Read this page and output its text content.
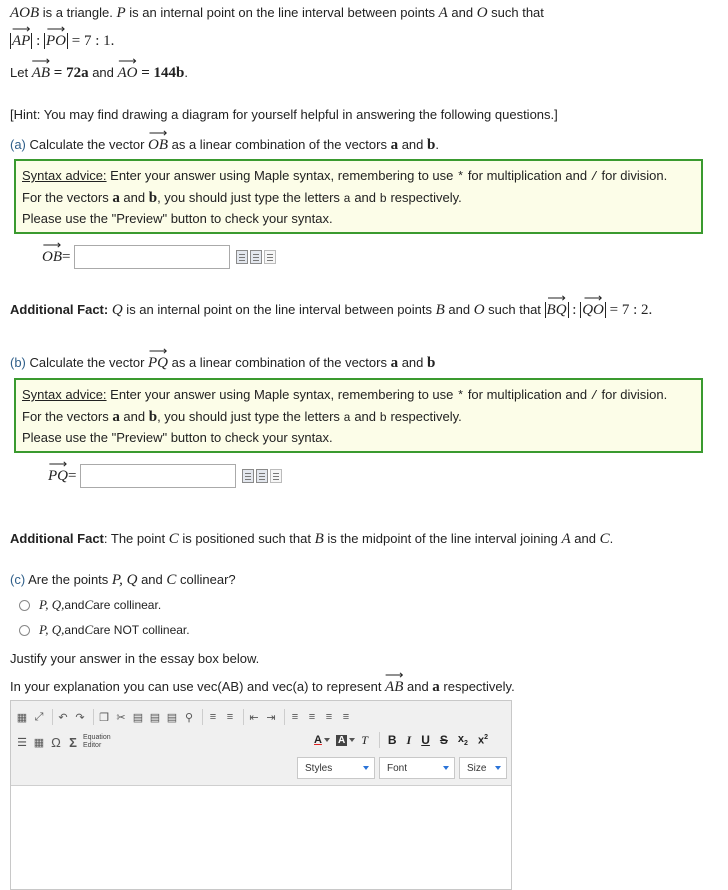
AOB is a triangle. P is an internal point on the line interval between points A and O such that
⟶ AP : ⟶ PO = 7 : 1.
Let ⟶ AB = 72a and ⟶ AO = 144b.
[Hint: You may find drawing a diagram for yourself helpful in answering the following questions.]
(a) Calculate the vector ⟶ OB as a linear combination of the vectors a and b.
Syntax advice: Enter your answer using Maple syntax, remembering to use * for multiplication and / for division.
For the vectors a and b, you should just type the letters a and b respectively.
Please use the "Preview" button to check your syntax.
⟶ OB =
Additional Fact: Q is an internal point on the line interval between points B and O such that ⟶ BQ : ⟶ QO = 7 : 2.
(b) Calculate the vector ⟶ PQ as a linear combination of the vectors a and b
Syntax advice: Enter your answer using Maple syntax, remembering to use * for multiplication and / for division.
For the vectors a and b, you should just type the letters a and b respectively.
Please use the "Preview" button to check your syntax.
⟶ PQ =
Additional Fact: The point C is positioned such that B is the midpoint of the line interval joining A and C.
(c) Are the points P, Q and C collinear?
P, Q, and C are collinear.
P, Q, and C are NOT collinear.
Justify your answer in the essay box below.
In your explanation you can use vec(AB) and vec(a) to represent ⟶ AB and a respectively.
▦ ⤢ ↶ ↷ ❐ ✂ ▤ ▤ ▤ ⚲	≡ ≡	⇤ ⇥	≡ ≡ ≡ ≡
☰ ▦ Ω Σ Equation
Editor	A A T B I U S $x_2$ $x^2$
Styles	Font	Size
